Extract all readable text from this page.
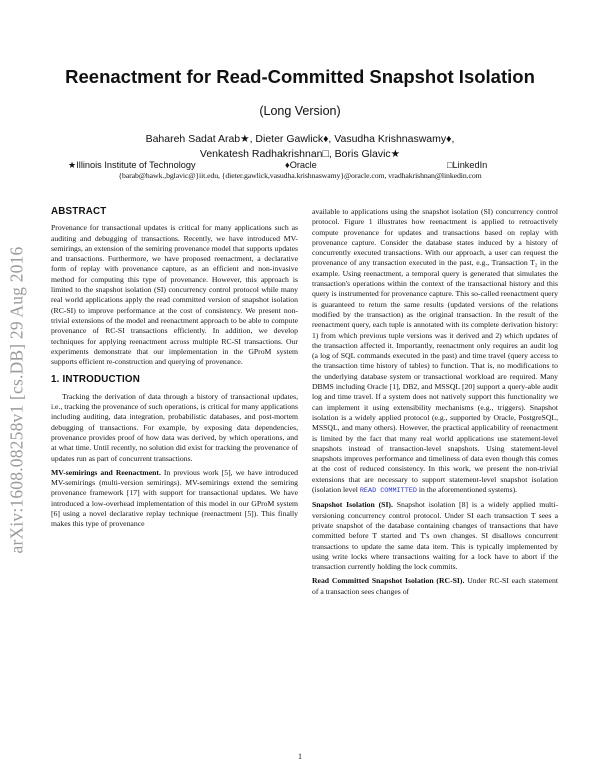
Reenactment for Read-Committed Snapshot Isolation
(Long Version)
Bahareh Sadat Arab★, Dieter Gawlick♦, Vasudha Krishnaswamy♦,
Venkatesh Radhakrishnan□, Boris Glavic★
★Illinois Institute of Technology	♦Oracle	□LinkedIn
{barab@hawk.,bglavic@}iit.edu, {dieter.gawlick,vasudha.krishnaswamy}@oracle.com, vradhakrishnan@linkedin.com
arXiv:1608.08258v1 [cs.DB] 29 Aug 2016
ABSTRACT

Provenance for transactional updates is critical for many applications such as auditing and debugging of transactions. Recently, we have introduced MV-semirings, an extension of the semiring provenance model that supports updates and transactions. Furthermore, we have proposed reenactment, a declarative form of replay with provenance capture, as an efficient and non-invasive method for computing this type of provenance. However, this approach is limited to the snapshot isolation (SI) concurrency control protocol while many real world applications apply the read committed version of snapshot isolation (RC-SI) to improve performance at the cost of consistency. We present non-trivial extensions of the model and reenactment approach to be able to compute provenance of RC-SI transactions efficiently. In addition, we develop techniques for applying reenactment across multiple RC-SI transactions. Our experiments demonstrate that our implementation in the GProM system supports efficient re-construction and querying of provenance.

1. INTRODUCTION

Tracking the derivation of data through a history of transactional updates, i.e., tracking the provenance of such operations, is critical for many applications including auditing, data integration, probabilistic databases, and post-mortem debugging of transactions. For example, by exposing data dependencies, provenance provides proof of how data was derived, by which operations, and at what time. Until recently, no solution did exist for tracking the provenance of updates run as part of concurrent transactions.

MV-semirings and Reenactment. In previous work [5], we have introduced MV-semirings (multi-version semirings). MV-semirings extend the semiring provenance framework [17] with support for transactional updates. We have introduced a low-overhead implementation of this model in our GProM system [6] using a novel declarative replay technique (reenactment [5]). This finally makes this type of provenance

available to applications using the snapshot isolation (SI) concurrency control protocol. Figure 1 illustrates how reenactment is applied to retroactively compute provenance for updates and transactions based on replay with provenance capture. Consider the database states induced by a history of concurrently executed transactions. With our approach, a user can request the provenance of any transaction executed in the past, e.g., Transaction T₂ in the example. Using reenactment, a temporal query is generated that simulates the transaction's operations within the context of the transactional history and this query is instrumented for provenance capture. This so-called reenactment query is guaranteed to return the same results (updated versions of the relations modified by the transaction) as the original transaction. In the result of the reenactment query, each tuple is annotated with its complete derivation history: 1) from which previous tuple versions was it derived and 2) which updates of the transaction affected it. Importantly, reenactment only requires an audit log (a log of SQL commands executed in the past) and time travel (query access to the transaction time history of tables) to function. That is, no modifications to the underlying database system or transactional workload are required. Many DBMS including Oracle [1], DB2, and MSSQL [20] support a query-able audit log and time travel. If a system does not natively support this functionality we can implement it using extensibility mechanisms (e.g., triggers). Snapshot isolation is a widely applied protocol (e.g., supported by Oracle, PostgreSQL, MSSQL, and many others). However, the practical applicability of reenactment is limited by the fact that many real world applications use statement-level snapshots instead of transaction-level snapshots. Using statement-level snapshots improves performance and timeliness of data even though this comes at the cost of reduced consistency. In this work, we present the non-trivial extensions that are necessary to support statement-level snapshot isolation (isolation level READ COMMITTED in the aforementioned systems).

Snapshot Isolation (SI). Snapshot isolation [8] is a widely applied multi-versioning concurrency control protocol. Under SI each transaction T sees a private snapshot of the database containing changes of transactions that have committed before T started and T's own changes. SI disallows concurrent transactions to update the same data item. This is typically implemented by using write locks where transactions waiting for a lock have to abort if the transaction currently holding the lock commits.

Read Committed Snapshot Isolation (RC-SI). Under RC-SI each statement of a transaction sees changes of

1
